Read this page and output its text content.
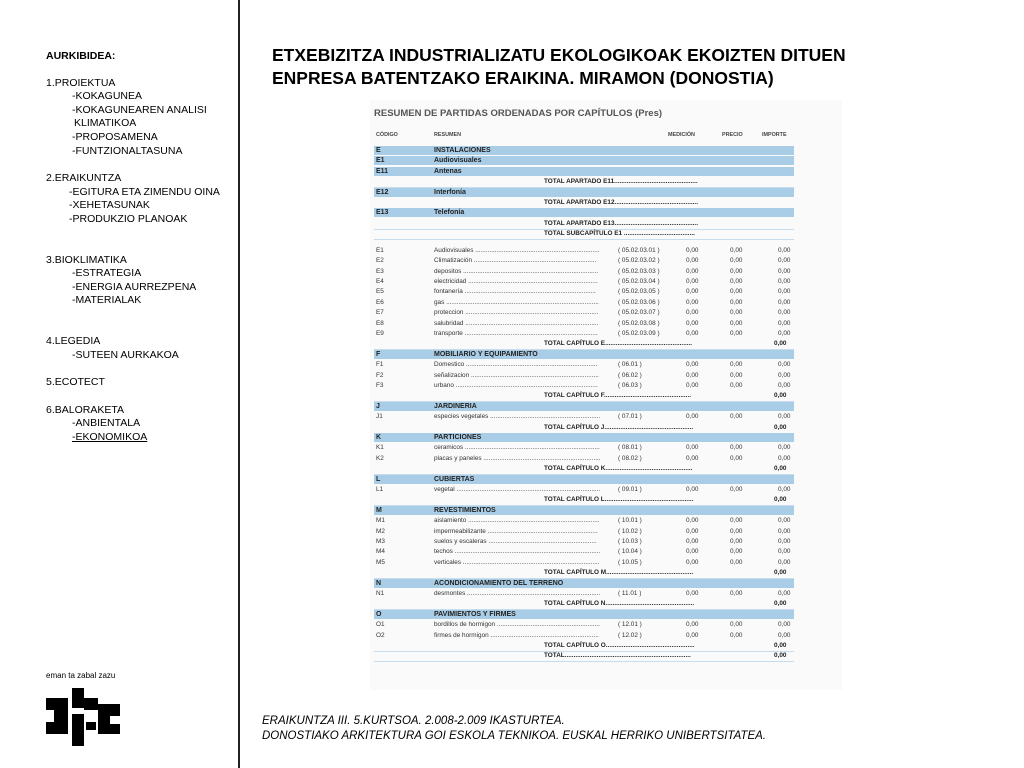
AURKIBIDEA:
1.PROIEKTUA
-KOKAGUNEA
-KOKAGUNEAREN ANALISI
KLIMATIKOA
-PROPOSAMENA
-FUNTZIONALTASUNA
2.ERAIKUNTZA
-EGITURA ETA ZIMENDU OINA
-XEHETASUNAK
-PRODUKZIO PLANOAK
3.BIOKLIMATIKA
-ESTRATEGIA
-ENERGIA AURREZPENA
-MATERIALAK
4.LEGEDIA
-SUTEEN AURKAKOA
5.ECOTECT
6.BALORAKETA
-ANBIENTALA
-EKONOMIKOA
eman ta zabal zazu
ETXEBIZITZA INDUSTRIALIZATU EKOLOGIKOAK EKOIZTEN DITUEN
ENPRESA BATENTZAKO ERAIKINA. MIRAMON (DONOSTIA)
RESUMEN DE PARTIDAS ORDENADAS POR CAPÍTULOS (Pres)
CÓDIGO	RESUMEN	MEDICIÓN	PRECIO	IMPORTE
E	INSTALACIONES
E1	Audiovisuales
E11	Antenas
TOTAL APARTADO E11...............................................
E12	Interfonía
TOTAL APARTADO E12...............................................
E13	Telefonía
TOTAL APARTADO E13...............................................
TOTAL SUBCAPÍTULO E1 ........................................
E1	Audiovisuales ......................................................................	( 05.02.03.01 )	0,00	0,00	0,00
E2	Climatización .....................................................................	( 05.02.03.02 )	0,00	0,00	0,00
E3	depositos ............................................................................	( 05.02.03.03 )	0,00	0,00	0,00
E4	electricidad .........................................................................	( 05.02.03.04 )	0,00	0,00	0,00
E5	fontanería ..........................................................................	( 05.02.03.05 )	0,00	0,00	0,00
E6	gas ......................................................................................	( 05.02.03.06 )	0,00	0,00	0,00
E7	proteccion ...........................................................................	( 05.02.03.07 )	0,00	0,00	0,00
E8	salubridad ...........................................................................	( 05.02.03.08 )	0,00	0,00	0,00
E9	transporte ...........................................................................	( 05.02.03.09 )	0,00	0,00	0,00
TOTAL CAPÍTULO E.................................................	0,00
F	MOBILIARIO Y EQUIPAMIENTO
F1	Domestico ..........................................................................	( 06.01 )	0,00	0,00	0,00
F2	señalizacion ........................................................................	( 06.02 )	0,00	0,00	0,00
F3	urbano ................................................................................	( 06.03 )	0,00	0,00	0,00
TOTAL CAPÍTULO F.................................................	0,00
J	JARDINERIA
J1	especies vegetales ..............................................................	( 07.01 )	0,00	0,00	0,00
TOTAL CAPÍTULO J..................................................	0,00
K	PARTICIONES
K1	ceramicos ............................................................................	( 08.01 )	0,00	0,00	0,00
K2	placas y paneles ..................................................................	( 08.02 )	0,00	0,00	0,00
TOTAL CAPÍTULO K.................................................	0,00
L	CUBIERTAS
L1	vegetal .................................................................................	( 09.01 )	0,00	0,00	0,00
TOTAL CAPÍTULO L..................................................	0,00
M	REVESTIMIENTOS
M1	aislamiento ..........................................................................	( 10.01 )	0,00	0,00	0,00
M2	impermeabilizante ..............................................................	( 10.02 )	0,00	0,00	0,00
M3	suelos y escaleras .............................................................	( 10.03 )	0,00	0,00	0,00
M4	techos ..................................................................................	( 10.04 )	0,00	0,00	0,00
M5	verticales .............................................................................	( 10.05 )	0,00	0,00	0,00
TOTAL CAPÍTULO M.................................................	0,00
N	ACONDICIONAMIENTO DEL TERRENO
N1	desmontes ...........................................................................	( 11.01 )	0,00	0,00	0,00
TOTAL CAPÍTULO N..................................................	0,00
O	PAVIMIENTOS Y FIRMES
O1	bordillos de hormigon ..........................................................	( 12.01 )	0,00	0,00	0,00
O2	firmes de hormigon .............................................................	( 12.02 )	0,00	0,00	0,00
TOTAL CAPÍTULO O..................................................	0,00
TOTAL.......................................................................	0,00
ERAIKUNTZA III. 5.KURTSOA. 2.008-2.009 IKASTURTEA.
DONOSTIAKO ARKITEKTURA GOI ESKOLA TEKNIKOA. EUSKAL HERRIKO UNIBERTSITATEA.
